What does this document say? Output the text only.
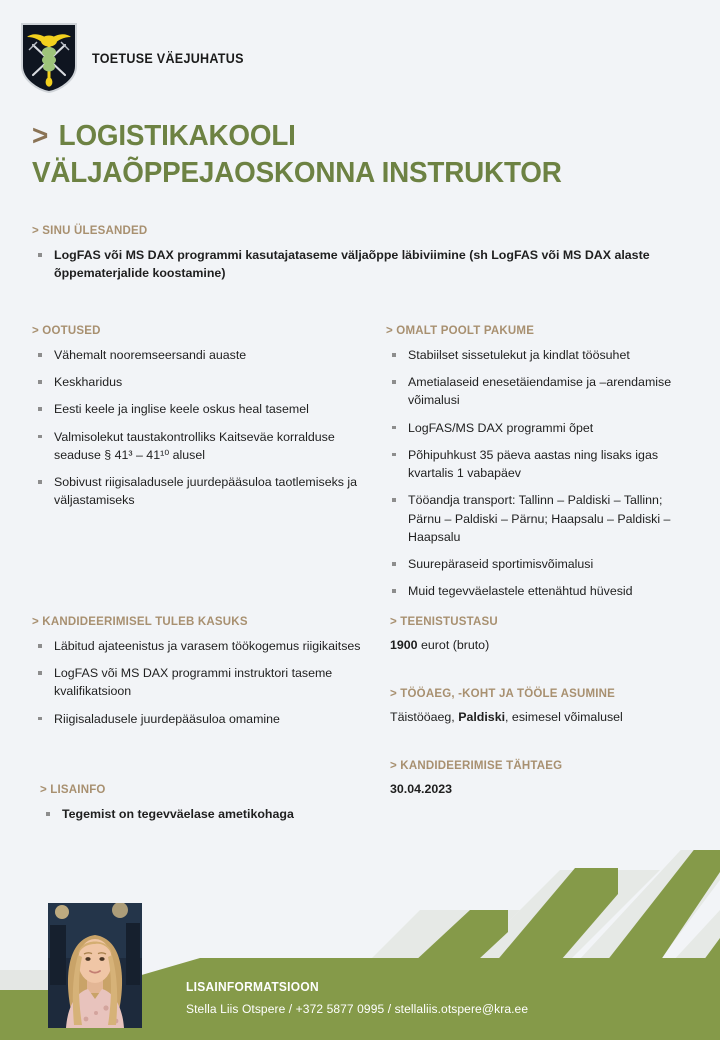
TOETUSE VÄEJUHATUS
> LOGISTIKAKOOLI
VÄLJAÕPPEJAOSKONNA INSTRUKTOR
> SINU ÜLESANDED
LogFAS või MS DAX programmi kasutajataseme väljaõppe läbiviimine (sh LogFAS või MS DAX alaste õppematerjalide koostamine)
> OOTUSED
Vähemalt nooremseersandi auaste
Keskharidus
Eesti keele ja inglise keele oskus heal tasemel
Valmisolekut taustakontrolliks Kaitseväe korralduse seaduse § 41³ – 41¹⁰ alusel
Sobivust riigisaladusele juurdepääsuloa taotlemiseks ja väljastamiseks
> OMALT POOLT PAKUME
Stabiilset sissetulekut ja kindlat töösuhet
Ametialaseid enesetäiendamise ja –arendamise võimalusi
LogFAS/MS DAX programmi õpet
Põhipuhkust 35 päeva aastas ning lisaks igas kvartalis 1 vabapäev
Tööandja transport: Tallinn – Paldiski – Tallinn; Pärnu – Paldiski – Pärnu; Haapsalu – Paldiski – Haapsalu
Suurepäraseid sportimisvõimalusi
Muid tegevväelastele ettenähtud hüvesid
> KANDIDEERIMISEL TULEB KASUKS
Läbitud ajateenistus ja varasem töökogemus riigikaitses
LogFAS või MS DAX programmi instruktori taseme kvalifikatsioon
Riigisaladusele juurdepääsuloa omamine
> LISAINFO
Tegemist on tegevväelase ametikohaga
> TEENISTUSTASU
1900 eurot (bruto)
> TÖÖAEG, -KOHT JA TÖÖLE ASUMINE
Täistööaeg, Paldiski, esimesel võimalusel
> KANDIDEERIMISE TÄHTAEG
30.04.2023
LISAINFORMATSIOON
Stella Liis Otspere / +372 5877 0995 / stellaliis.otspere@kra.ee
